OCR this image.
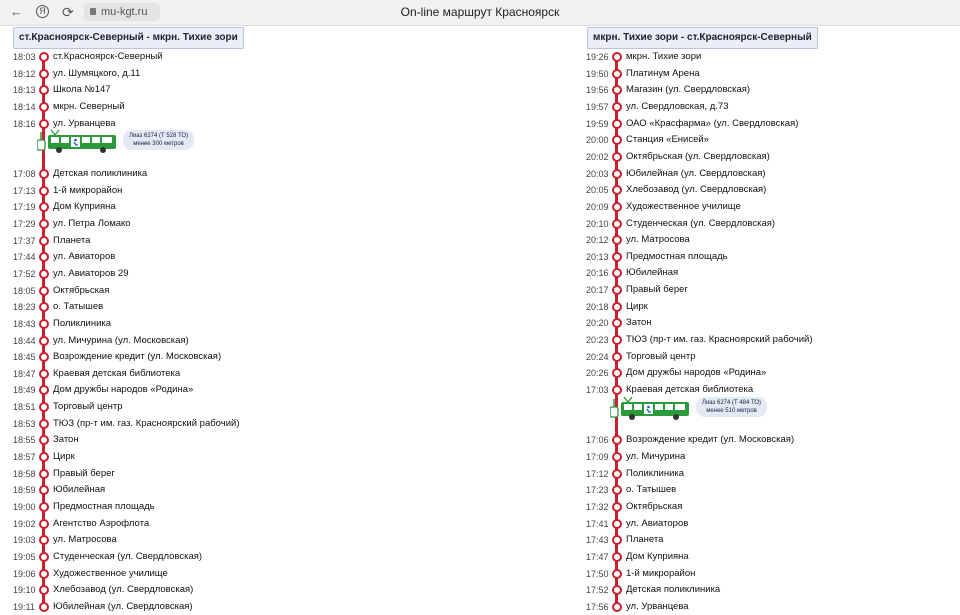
←	Я ⟳	mu-kgt.ru	On-line маршрут Красноярск
ст.Красноярск-Северный - мкрн. Тихие зори	мкрн. Тихие зори - ст.Красноярск-Северный
18:03 ст.Красноярск-Северный
18:12 ул. Шумяцкого, д.11
18:13 Школа №147
18:14 мкрн. Северный
18:16 ул. Урванцева
Лиаз 6274 (Т 528 ТО)
менее 300 метров
17:08 Детская поликлиника
17:13 1-й микрорайон
17:19 Дом Куприяна
17:29 ул. Петра Ломако
17:37 Планета
17:44 ул. Авиаторов
17:52 ул. Авиаторов 29
18:05 Октябрьская
18:23 о. Татышев
18:43 Поликлиника
18:44 ул. Мичурина (ул. Московская)
18:45 Возрождение кредит (ул. Московская)
18:47 Краевая детская библиотека
18:49 Дом дружбы народов «Родина»
18:51 Торговый центр
18:53 ТЮЗ (пр-т им. газ. Красноярский рабочий)
18:55 Затон
18:57 Цирк
18:58 Правый берег
18:59 Юбилейная
19:00 Предмостная площадь
19:02 Агентство Аэрофлота
19:03 ул. Матросова
19:05 Студенческая (ул. Свердловская)
19:06 Художественное училище
19:10 Хлебозавод (ул. Свердловская)
19:11 Юбилейная (ул. Свердловская)
19:26 мкрн. Тихие зори
19:50 Платинум Арена
19:56 Магазин (ул. Свердловская)
19:57 ул. Свердловская, д.73
19:59 ОАО «Красфарма» (ул. Свердловская)
20:00 Станция «Енисей»
20:02 Октябрьская (ул. Свердловская)
20:03 Юбилейная (ул. Свердловская)
20:05 Хлебозавод (ул. Свердловская)
20:09 Художественное училище
20:10 Студенческая (ул. Свердловская)
20:12 ул. Матросова
20:13 Предмостная площадь
20:16 Юбилейная
20:17 Правый берег
20:18 Цирк
20:20 Затон
20:23 ТЮЗ (пр-т им. газ. Красноярский рабочий)
20:24 Торговый центр
20:26 Дом дружбы народов «Родина»
17:03 Краевая детская библиотека
Лиаз 6274 (Т 484 ТО)
менее 510 метров
17:06 Возрождение кредит (ул. Московская)
17:09 ул. Мичурина
17:12 Поликлиника
17:23 о. Татышев
17:32 Октябрьская
17:41 ул. Авиаторов
17:43 Планета
17:47 Дом Куприяна
17:50 1-й микрорайон
17:52 Детская поликлиника
17:56 ул. Урванцева
